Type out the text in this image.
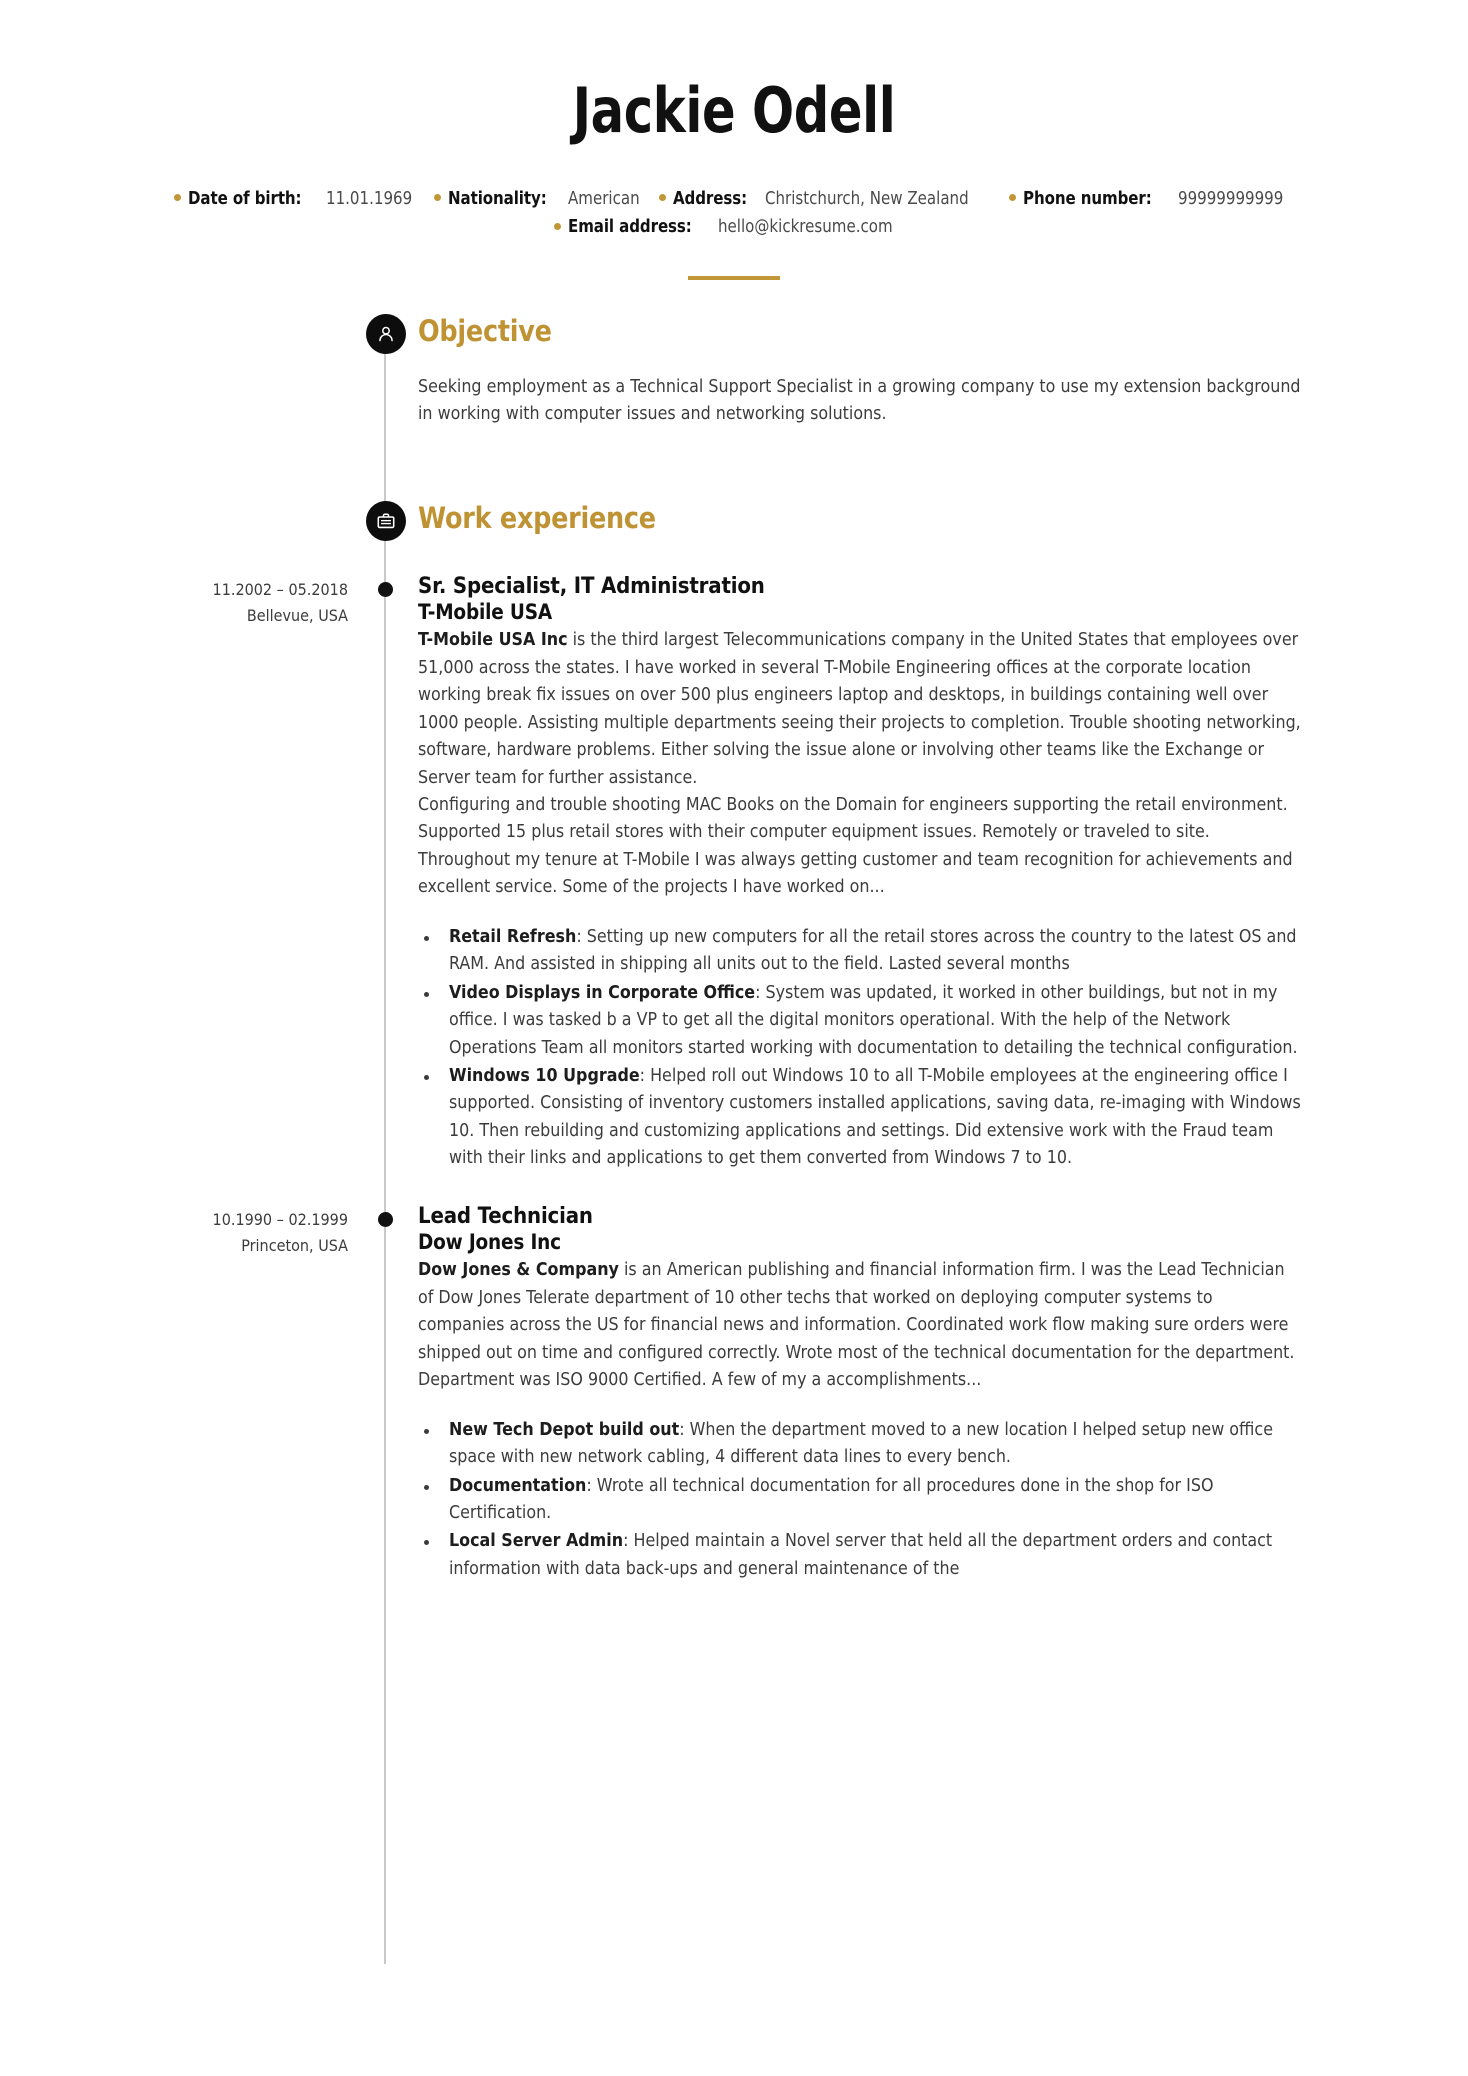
Jackie Odell
Date of birth: 11.01.1969 Nationality: American Address: Christchurch, New Zealand	Phone number: 99999999999
Email address: hello@kickresume.com
Objective

Seeking employment as a Technical Support Specialist in a growing company to use my extension background in working with computer issues and networking solutions.

Work experience
11.2002 – 05.2018
Bellevue, USA
Sr. Specialist, IT Administration
T-Mobile USA
T-Mobile USA Inc is the third largest Telecommunications company in the United States that employees over 51,000 across the states. I have worked in several T-Mobile Engineering offices at the corporate location working break fix issues on over 500 plus engineers laptop and desktops, in buildings containing well over 1000 people. Assisting multiple departments seeing their projects to completion. Trouble shooting networking, software, hardware problems. Either solving the issue alone or involving other teams like the Exchange or Server team for further assistance.
Configuring and trouble shooting MAC Books on the Domain for engineers supporting the retail environment.
Supported 15 plus retail stores with their computer equipment issues. Remotely or traveled to site. Throughout my tenure at T-Mobile I was always getting customer and team recognition for achievements and excellent service. Some of the projects I have worked on...
Retail Refresh: Setting up new computers for all the retail stores across the country to the latest OS and RAM. And assisted in shipping all units out to the field. Lasted several months
Video Displays in Corporate Office: System was updated, it worked in other buildings, but not in my office. I was tasked b a VP to get all the digital monitors operational. With the help of the Network Operations Team all monitors started working with documentation to detailing the technical configuration.
Windows 10 Upgrade: Helped roll out Windows 10 to all T-Mobile employees at the engineering office I supported. Consisting of inventory customers installed applications, saving data, re-imaging with Windows 10. Then rebuilding and customizing applications and settings. Did extensive work with the Fraud team with their links and applications to get them converted from Windows 7 to 10.
10.1990 – 02.1999
Princeton, USA
Lead Technician
Dow Jones Inc
Dow Jones & Company is an American publishing and financial information firm. I was the Lead Technician of Dow Jones Telerate department of 10 other techs that worked on deploying computer systems to companies across the US for financial news and information. Coordinated work flow making sure orders were shipped out on time and configured correctly. Wrote most of the technical documentation for the department. Department was ISO 9000 Certified. A few of my a accomplishments...
New Tech Depot build out: When the department moved to a new location I helped setup new office space with new network cabling, 4 different data lines to every bench.
Documentation: Wrote all technical documentation for all procedures done in the shop for ISO Certification.
Local Server Admin: Helped maintain a Novel server that held all the department orders and contact information with data back-ups and general maintenance of the
